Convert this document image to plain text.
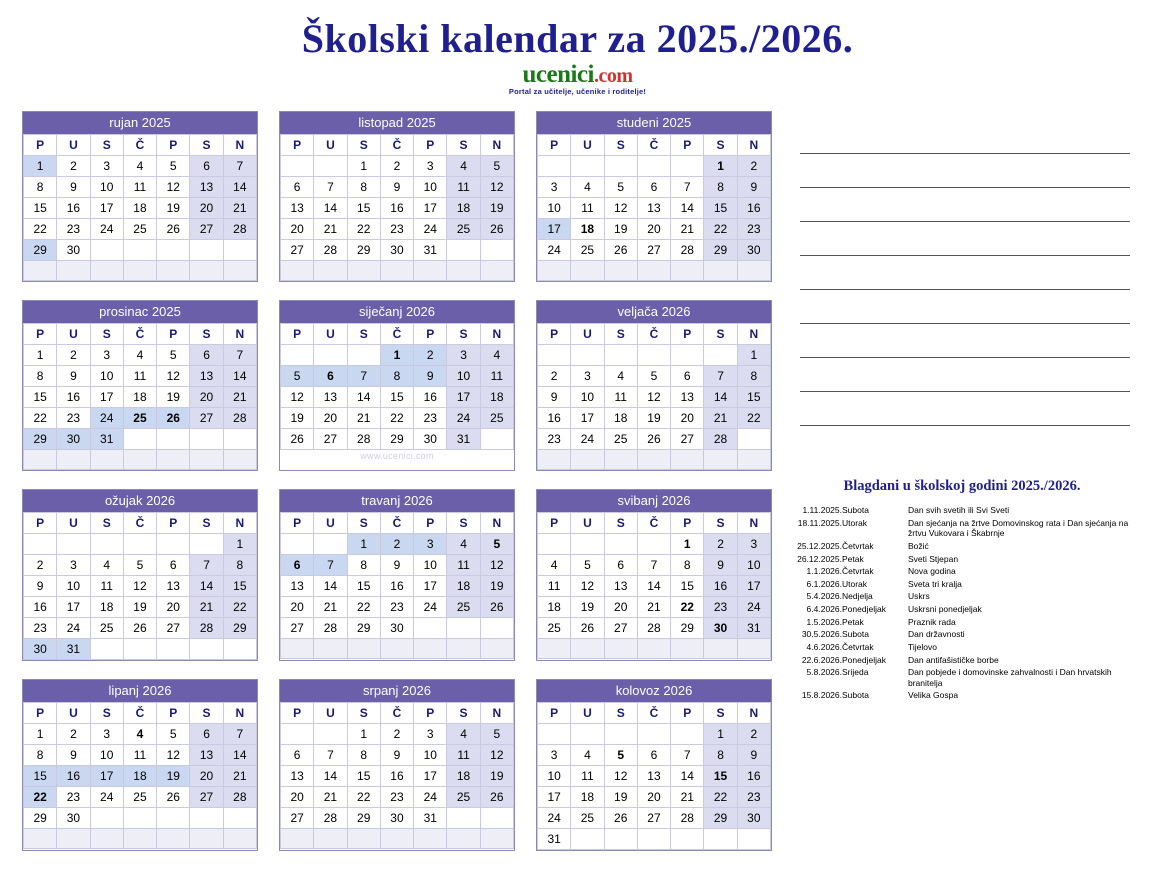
Školski kalendar za 2025./2026.
ucenici.com
Portal za učitelje, učenike i roditelje!
rujan 2025
P	U	S	Č	P	S	N
1	2	3	4	5	6	7
8	9	10	11	12	13	14
15	16	17	18	19	20	21
22	23	24	25	26	27	28
29	30					

listopad 2025
P	U	S	Č	P	S	N
		1	2	3	4	5
6	7	8	9	10	11	12
13	14	15	16	17	18	19
20	21	22	23	24	25	26
27	28	29	30	31		

studeni 2025
P	U	S	Č	P	S	N
					1	2
3	4	5	6	7	8	9
10	11	12	13	14	15	16
17	18	19	20	21	22	23
24	25	26	27	28	29	30

prosinac 2025
P	U	S	Č	P	S	N
1	2	3	4	5	6	7
8	9	10	11	12	13	14
15	16	17	18	19	20	21
22	23	24	25	26	27	28
29	30	31				

siječanj 2026
P	U	S	Č	P	S	N
			1	2	3	4
5	6	7	8	9	10	11
12	13	14	15	16	17	18
19	20	21	22	23	24	25
26	27	28	29	30	31	
www.ucenici.com
veljača 2026
P	U	S	Č	P	S	N
						1
2	3	4	5	6	7	8
9	10	11	12	13	14	15
16	17	18	19	20	21	22
23	24	25	26	27	28	

ožujak 2026
P	U	S	Č	P	S	N
						1
2	3	4	5	6	7	8
9	10	11	12	13	14	15
16	17	18	19	20	21	22
23	24	25	26	27	28	29
30	31					
travanj 2026
P	U	S	Č	P	S	N
		1	2	3	4	5
6	7	8	9	10	11	12
13	14	15	16	17	18	19
20	21	22	23	24	25	26
27	28	29	30			

svibanj 2026
P	U	S	Č	P	S	N
				1	2	3
4	5	6	7	8	9	10
11	12	13	14	15	16	17
18	19	20	21	22	23	24
25	26	27	28	29	30	31

lipanj 2026
P	U	S	Č	P	S	N
1	2	3	4	5	6	7
8	9	10	11	12	13	14
15	16	17	18	19	20	21
22	23	24	25	26	27	28
29	30					

srpanj 2026
P	U	S	Č	P	S	N
		1	2	3	4	5
6	7	8	9	10	11	12
13	14	15	16	17	18	19
20	21	22	23	24	25	26
27	28	29	30	31		

kolovoz 2026
P	U	S	Č	P	S	N
					1	2
3	4	5	6	7	8	9
10	11	12	13	14	15	16
17	18	19	20	21	22	23
24	25	26	27	28	29	30
31						
Blagdani u školskoj godini 2025./2026.
1.11.2025.	Subota	Dan svih svetih ili Svi Sveti
18.11.2025.	Utorak	Dan sjećanja na žrtve Domovinskog rata i Dan sjećanja na žrtvu Vukovara i Škabrnje
25.12.2025.	Četvrtak	Božić
26.12.2025.	Petak	Sveti Stjepan
1.1.2026.	Četvrtak	Nova godina
6.1.2026.	Utorak	Sveta tri kralja
5.4.2026.	Nedjelja	Uskrs
6.4.2026.	Ponedjeljak	Uskrsni ponedjeljak
1.5.2026.	Petak	Praznik rada
30.5.2026.	Subota	Dan državnosti
4.6.2026.	Četvrtak	Tijelovo
22.6.2026.	Ponedjeljak	Dan antifašističke borbe
5.8.2026.	Srijeda	Dan pobjede i domovinske zahvalnosti i Dan hrvatskih branitelja
15.8.2026.	Subota	Velika Gospa
